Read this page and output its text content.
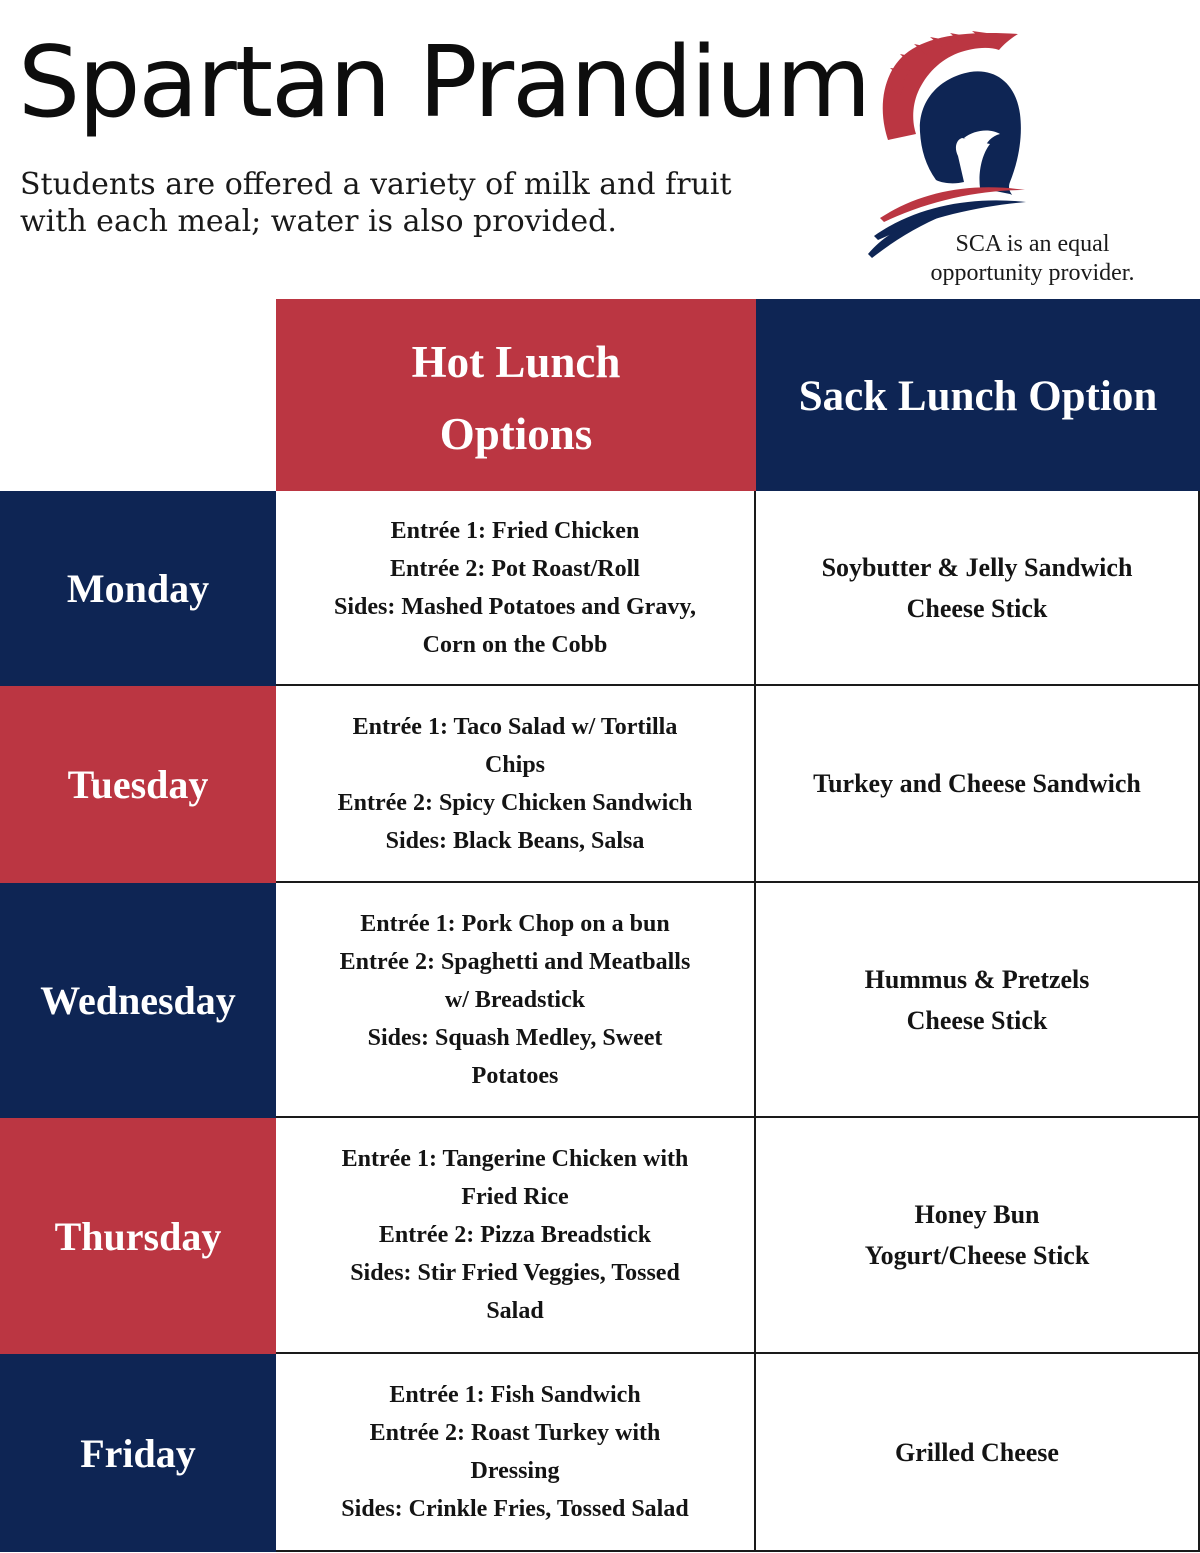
Spartan Prandium
Students are offered a variety of milk and fruit
with each meal; water is also provided.
SCA is an equal
opportunity provider.
Hot Lunch
Options
Sack Lunch Option
Monday
Entrée 1: Fried Chicken
Entrée 2: Pot Roast/Roll
Sides: Mashed Potatoes and Gravy,
Corn on the Cobb
Soybutter & Jelly Sandwich
Cheese Stick
Tuesday
Entrée 1: Taco Salad w/ Tortilla
Chips
Entrée 2: Spicy Chicken Sandwich
Sides: Black Beans, Salsa
Turkey and Cheese Sandwich
Wednesday
Entrée 1: Pork Chop on a bun
Entrée 2: Spaghetti and Meatballs
w/ Breadstick
Sides: Squash Medley, Sweet
Potatoes
Hummus & Pretzels
Cheese Stick
Thursday
Entrée 1: Tangerine Chicken with
Fried Rice
Entrée 2: Pizza Breadstick
Sides: Stir Fried Veggies, Tossed
Salad
Honey Bun
Yogurt/Cheese Stick
Friday
Entrée 1: Fish Sandwich
Entrée 2: Roast Turkey with
Dressing
Sides: Crinkle Fries, Tossed Salad
Grilled Cheese
